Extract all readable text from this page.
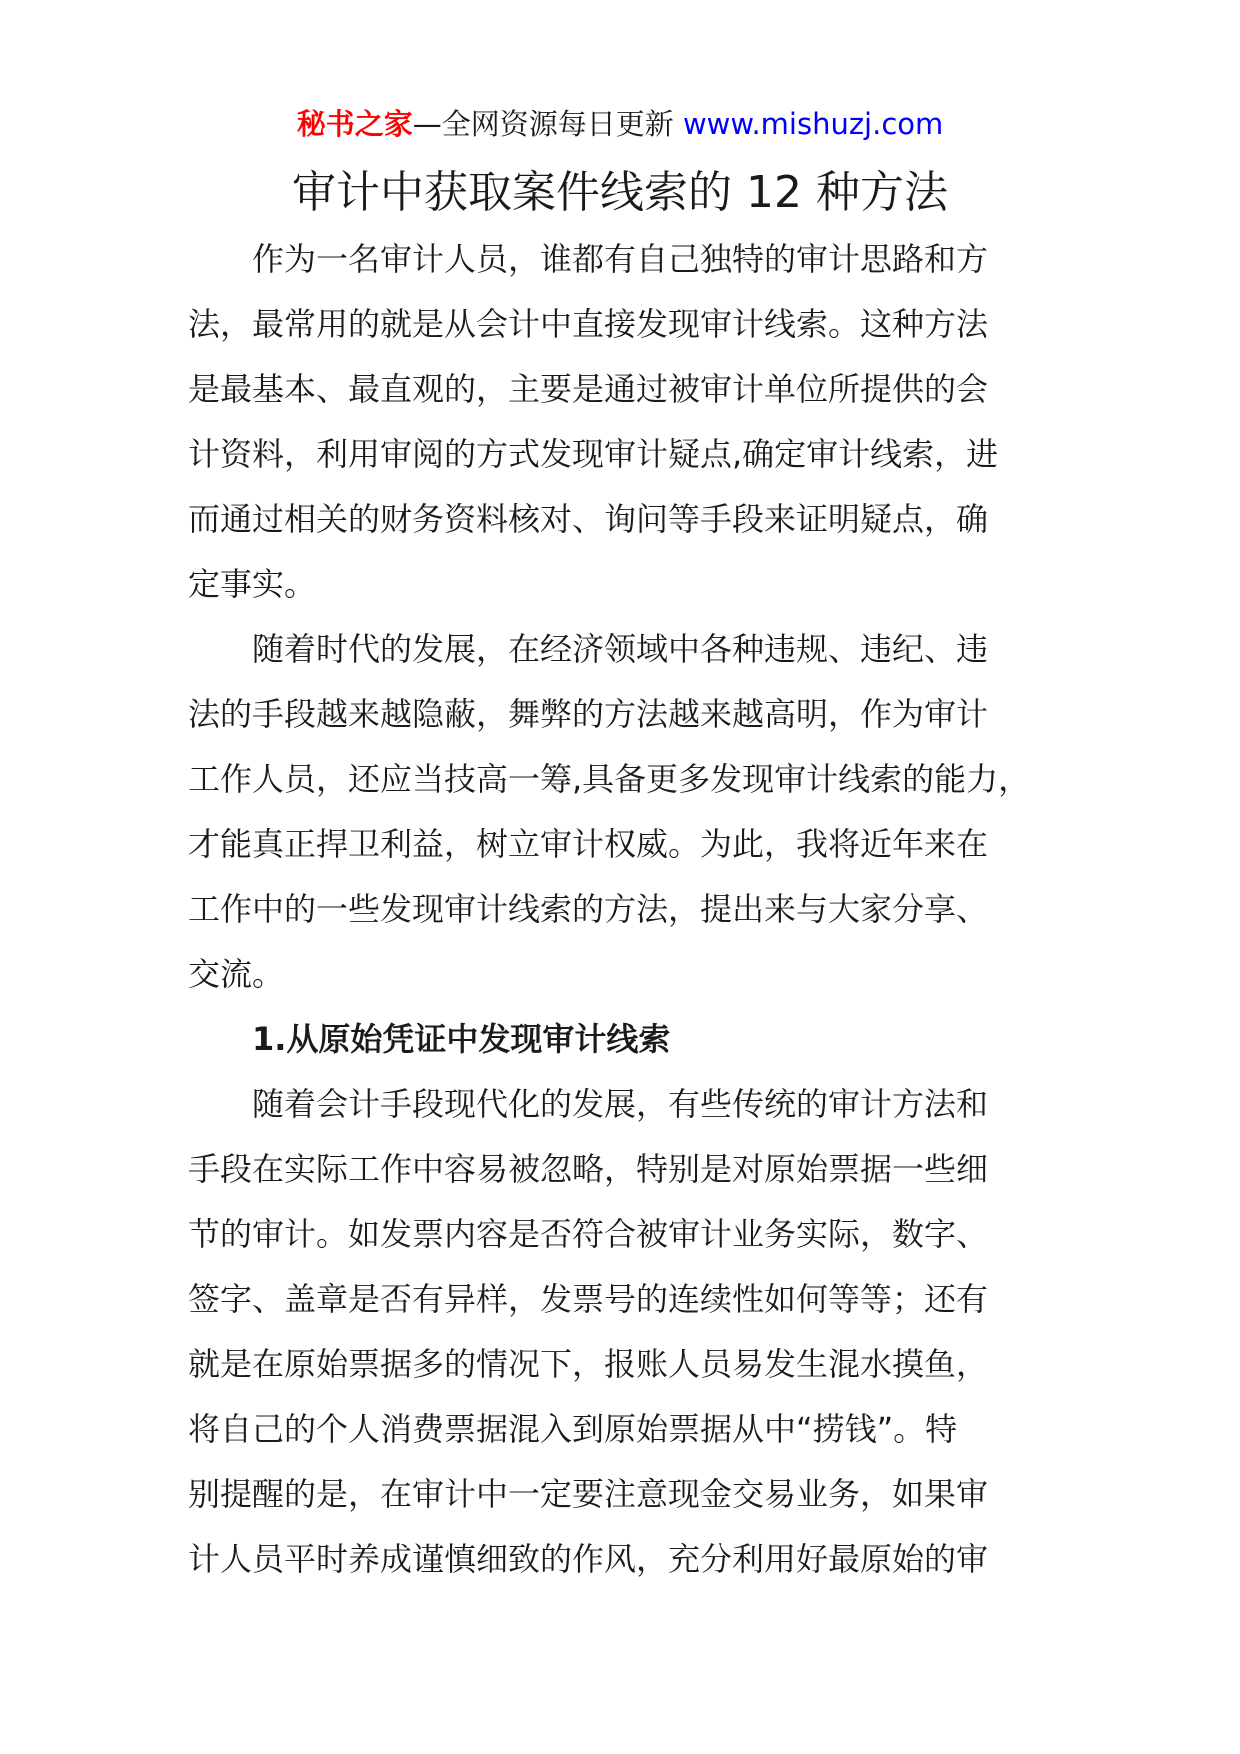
秘书之家—全网资源每日更新 www.mishuzj.com
审计中获取案件线索的 12 种方法

作为一名审计人员，谁都有自己独特的审计思路和方
法，最常用的就是从会计中直接发现审计线索。这种方法
是最基本、最直观的，主要是通过被审计单位所提供的会
计资料，利用审阅的方式发现审计疑点,确定审计线索，进
而通过相关的财务资料核对、询问等手段来证明疑点，确
定事实。

随着时代的发展，在经济领域中各种违规、违纪、违
法的手段越来越隐蔽，舞弊的方法越来越高明，作为审计
工作人员，还应当技高一筹,具备更多发现审计线索的能力，
才能真正捍卫利益，树立审计权威。为此，我将近年来在
工作中的一些发现审计线索的方法，提出来与大家分享、
交流。

1.从原始凭证中发现审计线索

随着会计手段现代化的发展，有些传统的审计方法和
手段在实际工作中容易被忽略，特别是对原始票据一些细
节的审计。如发票内容是否符合被审计业务实际，数字、
签字、盖章是否有异样，发票号的连续性如何等等；还有
就是在原始票据多的情况下，报账人员易发生混水摸鱼，
将自己的个人消费票据混入到原始票据从中“捞钱”。特
别提醒的是，在审计中一定要注意现金交易业务，如果审
计人员平时养成谨慎细致的作风，充分利用好最原始的审
